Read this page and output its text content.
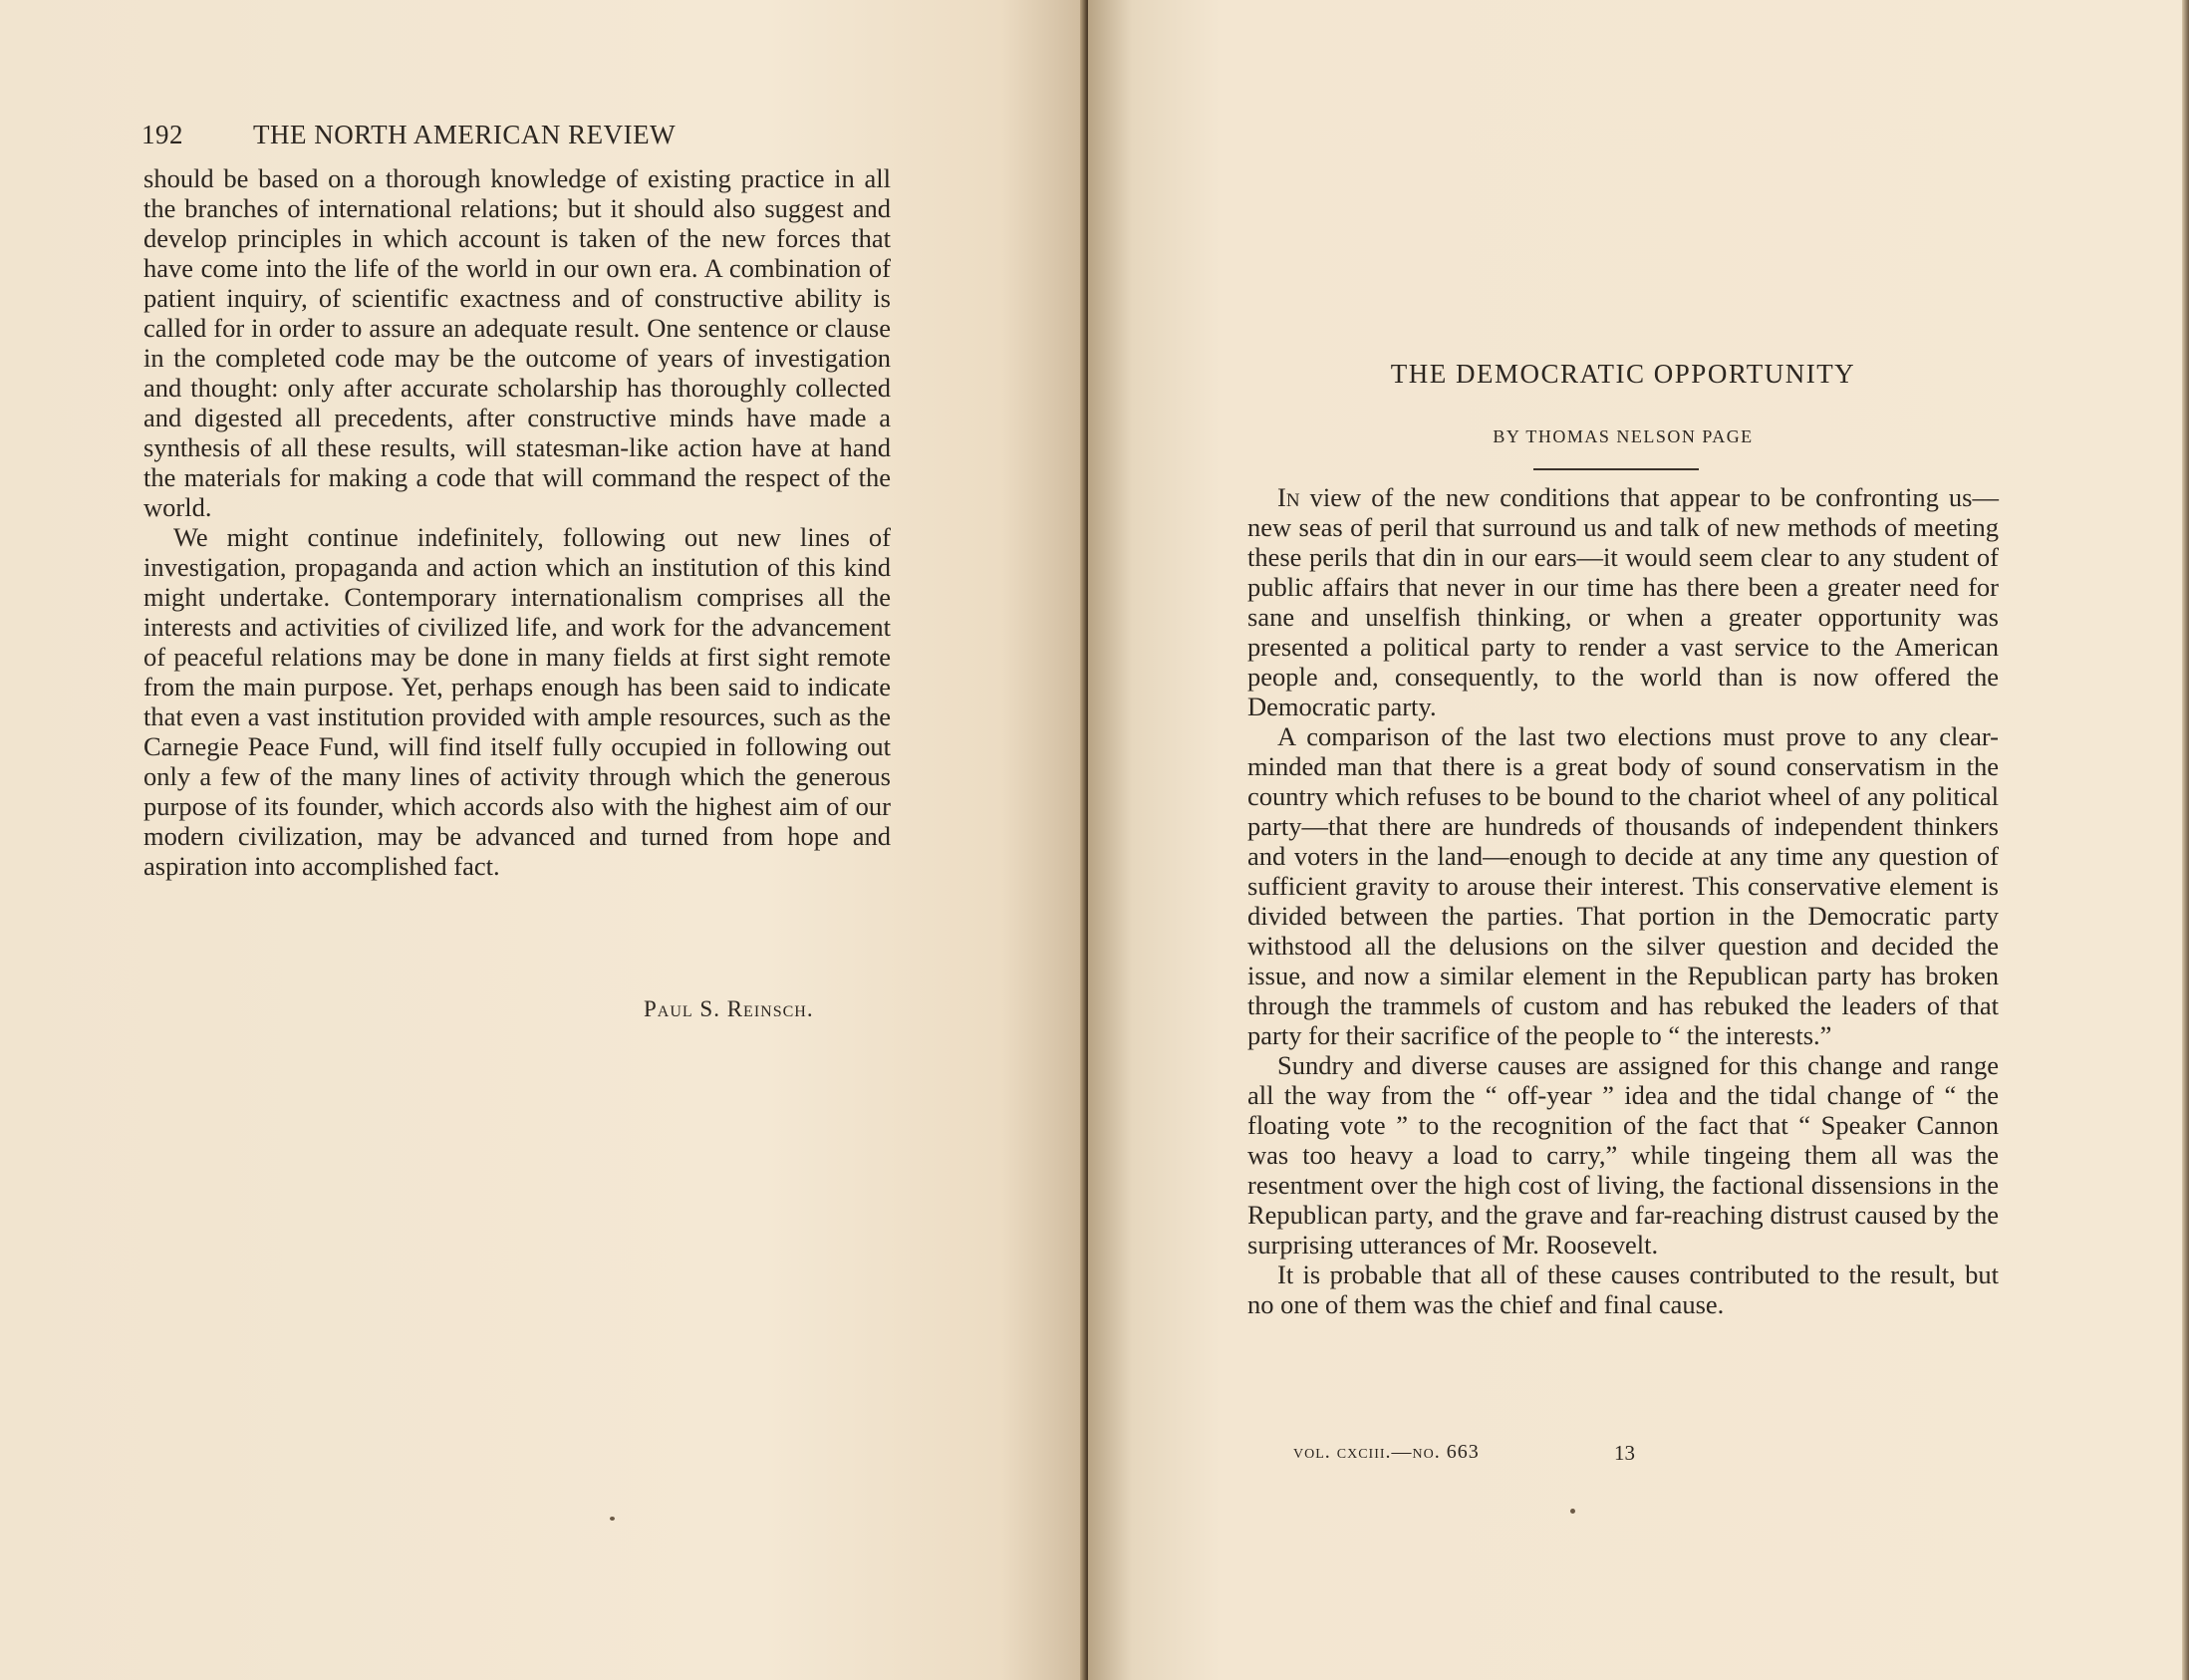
192	THE NORTH AMERICAN REVIEW

should be based on a thorough knowledge of existing practice in all the branches of international relations; but it should also suggest and develop principles in which account is taken of the new forces that have come into the life of the world in our own era. A combination of patient inquiry, of scientific exactness and of constructive ability is called for in order to assure an adequate result. One sentence or clause in the completed code may be the outcome of years of investigation and thought: only after accurate scholarship has thoroughly collected and digested all precedents, after constructive minds have made a synthesis of all these results, will statesman-like action have at hand the materials for making a code that will command the respect of the world.

We might continue indefinitely, following out new lines of investigation, propaganda and action which an institution of this kind might undertake. Contemporary internationalism comprises all the interests and activities of civilized life, and work for the advancement of peaceful relations may be done in many fields at first sight remote from the main purpose. Yet, perhaps enough has been said to indicate that even a vast institution provided with ample resources, such as the Carnegie Peace Fund, will find itself fully occupied in following out only a few of the many lines of activity through which the generous purpose of its founder, which accords also with the highest aim of our modern civilization, may be advanced and turned from hope and aspiration into accomplished fact.

Paul S. Reinsch.
THE DEMOCRATIC OPPORTUNITY
BY THOMAS NELSON PAGE

In view of the new conditions that appear to be confronting us—new seas of peril that surround us and talk of new methods of meeting these perils that din in our ears—it would seem clear to any student of public affairs that never in our time has there been a greater need for sane and unselfish thinking, or when a greater opportunity was presented a political party to render a vast service to the American people and, consequently, to the world than is now offered the Democratic party.

A comparison of the last two elections must prove to any clear-minded man that there is a great body of sound conservatism in the country which refuses to be bound to the chariot wheel of any political party—that there are hundreds of thousands of independent thinkers and voters in the land—enough to decide at any time any question of sufficient gravity to arouse their interest. This conservative element is divided between the parties. That portion in the Democratic party withstood all the delusions on the silver question and decided the issue, and now a similar element in the Republican party has broken through the trammels of custom and has rebuked the leaders of that party for their sacrifice of the people to “ the interests.”

Sundry and diverse causes are assigned for this change and range all the way from the “ off-year ” idea and the tidal change of “ the floating vote ” to the recognition of the fact that “ Speaker Cannon was too heavy a load to carry,” while tingeing them all was the resentment over the high cost of living, the factional dissensions in the Republican party, and the grave and far-reaching distrust caused by the surprising utterances of Mr. Roosevelt.

It is probable that all of these causes contributed to the result, but no one of them was the chief and final cause.

vol. cxciii.—no. 663	13
